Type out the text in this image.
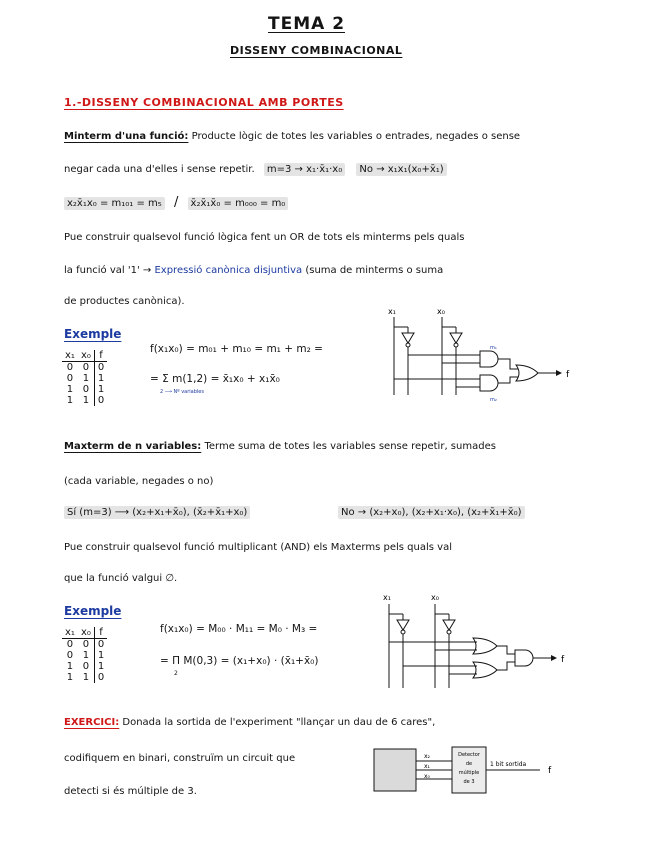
TEMA 2
DISSENY COMBINACIONAL
1.-DISSENY COMBINACIONAL AMB PORTES
Minterm d'una funció: Producte lògic de totes les variables o entrades, negades o sense
negar cada una d'elles i sense repetir. m=3 → x₁·x̄₁·x₀ No → x₁x₁(x₀+x̄₁)
x₂x̄₁x₀ = m₁₀₁ = m₅ / x̄₂x̄₁x̄₀ = m₀₀₀ = m₀
Pue construir qualsevol funció lògica fent un OR de tots els minterms pels quals
la funció val '1' → Expressió canònica disjuntiva (suma de minterms o suma
de productes canònica).
Exemple
x₁	x₀	f
0	0	0
0	1	1
1	0	1
1	1	0
f(x₁x₀) = m₀₁ + m₁₀ = m₁ + m₂ =
= Σ m(1,2) = x̄₁x₀ + x₁x̄₀
2 ⟶ Nº variables
x₁	x₀
m₁
m₂
f
Maxterm de n variables: Terme suma de totes les variables sense repetir, sumades
(cada variable, negades o no)
Sí (m=3) ⟶ (x₂+x₁+x̄₀), (x̄₂+x̄₁+x₀)	No → (x₂+x₀), (x₂+x₁·x₀), (x₂+x̄₁+x̄₀)
Pue construir qualsevol funció multiplicant (AND) els Maxterms pels quals val
que la funció valgui ∅.
Exemple
x₁	x₀	f
0	0	0
0	1	1
1	0	1
1	1	0
f(x₁x₀) = M₀₀ · M₁₁ = M₀ · M₃ =
= Π M(0,3) = (x₁+x₀) · (x̄₁+x̄₀)
2
x₁	x₀
f
EXERCICI: Donada la sortida de l'experiment "llançar un dau de 6 cares",
codifiquem en binari, construïm un circuit que
detecti si és múltiple de 3.
x₂
x₁
x₀
Detector
de
múltiple
de 3
1 bit sortida
f
